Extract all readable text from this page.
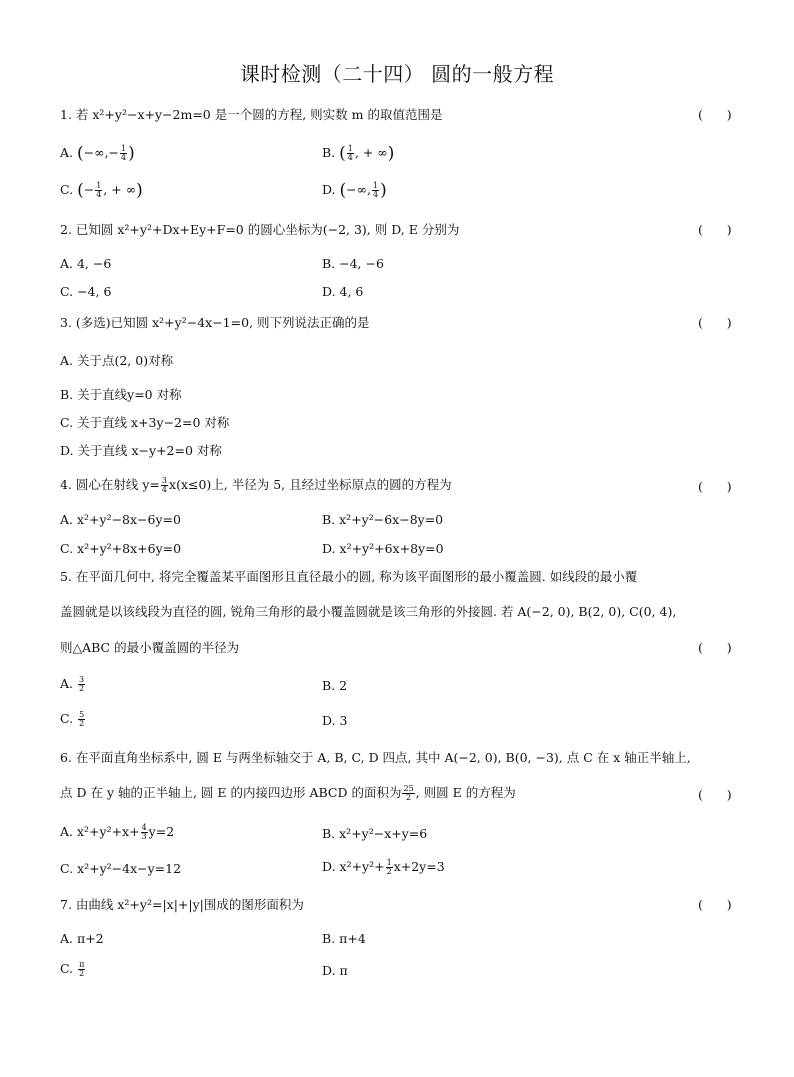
课时检测（二十四） 圆的一般方程
1. 若 x²+y²−x+y−2m=0 是一个圆的方程, 则实数 m 的取值范围是	(      )
A. (−∞,− $\frac{1}{4}$ )	B. ( $\frac{1}{4}$ , + ∞)
C. (− $\frac{1}{4}$ , + ∞)	D. (−∞, $\frac{1}{4}$ )
2. 已知圆 x²+y²+Dx+Ey+F=0 的圆心坐标为(−2, 3), 则 D, E 分别为	(      )
A. 4, −6	B. −4, −6
C. −4, 6	D. 4, 6
3. (多选)已知圆 x²+y²−4x−1=0, 则下列说法正确的是	(      )
A. 关于点(2, 0)对称
B. 关于直线y=0 对称
C. 关于直线 x+3y−2=0 对称
D. 关于直线 x−y+2=0 对称
4. 圆心在射线 $y= \frac{3}{4} x(x\le 0)$上, 半径为 5, 且经过坐标原点的圆的方程为	(      )
A. x²+y²−8x−6y=0	B. x²+y²−6x−8y=0
C. x²+y²+8x+6y=0	D. x²+y²+6x+8y=0
5. 在平面几何中, 将完全覆盖某平面图形且直径最小的圆, 称为该平面图形的最小覆盖圆. 如线段的最小覆
盖圆就是以该线段为直径的圆, 锐角三角形的最小覆盖圆就是该三角形的外接圆. 若 A(−2, 0), B(2, 0), C(0, 4),
则△ABC 的最小覆盖圆的半径为	(      )
A. $\frac{3}{2}$	B. 2
C. $\frac{5}{2}$	D. 3
6. 在平面直角坐标系中, 圆 E 与两坐标轴交于 A, B, C, D 四点, 其中 A(−2, 0), B(0, −3), 点 C 在 x 轴正半轴上,
点 D 在 y 轴的正半轴上, 圆 E 的内接四边形 ABCD 的面积为 $\frac{25}{2}$ , 则圆 E 的方程为	(      )
A. $x^2+y^2+x+ \frac{4}{3} y=2$	B. x²+y²−x+y=6
C. x²+y²−4x−y=12	D. $x^2+y^2+ \frac{1}{2} x+2y=3$
7. 由曲线 x²+y²=|x|+|y|围成的图形面积为	(      )
A. π+2	B. π+4
C. $\frac{\pi}{2}$	D. π
